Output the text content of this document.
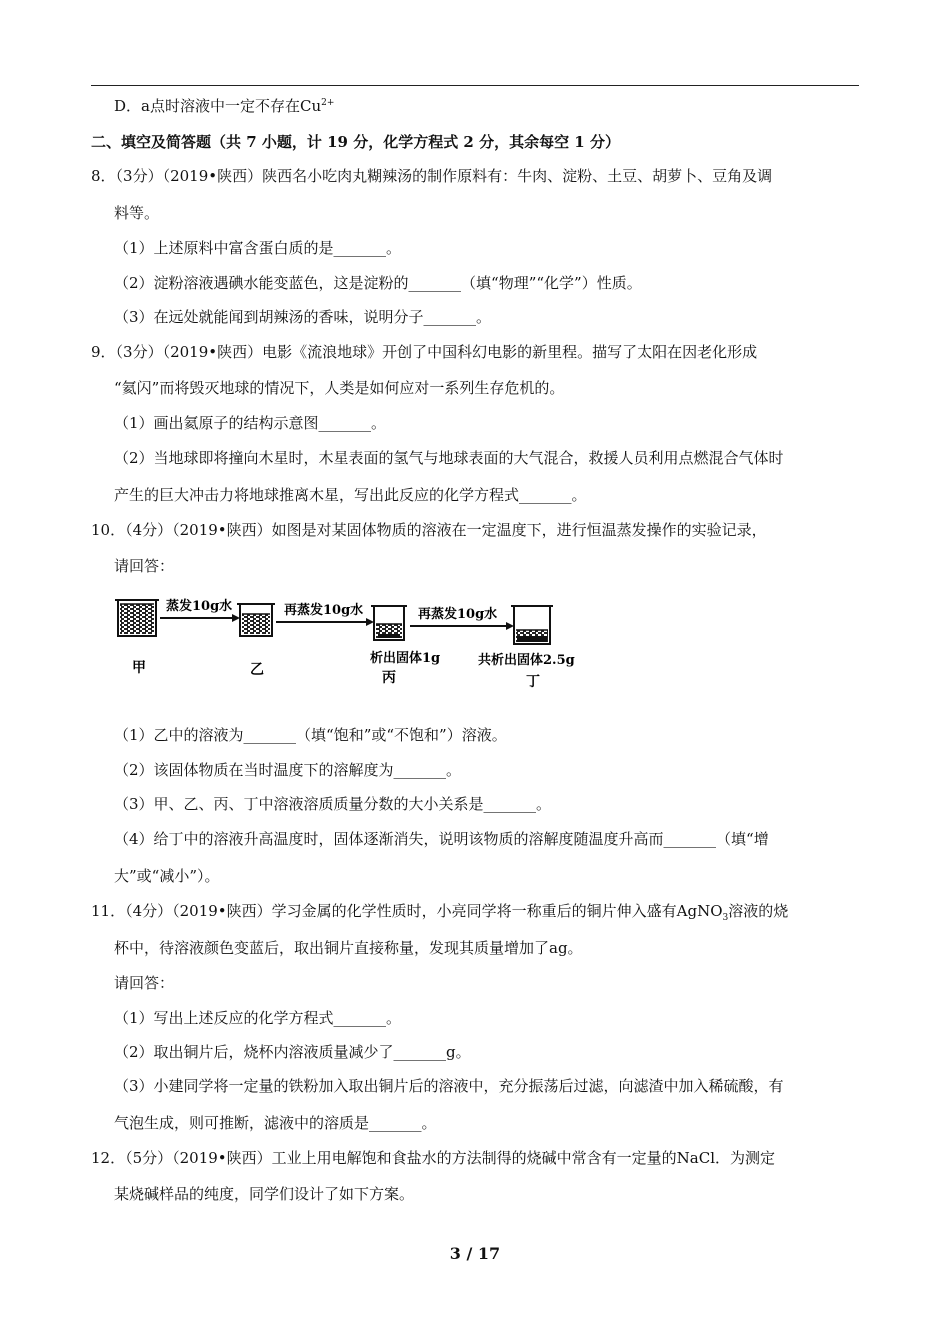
D．a点时溶液中一定不存在$Cu^{2+}$
二、填空及简答题（共 7 小题，计 19 分，化学方程式 2 分，其余每空 1 分）
8．（3分）（2019•陕西）陕西名小吃肉丸糊辣汤的制作原料有：牛肉、淀粉、土豆、胡萝卜、豆角及调
料等。
（1）上述原料中富含蛋白质的是_______。
（2）淀粉溶液遇碘水能变蓝色，这是淀粉的_______（填“物理”“化学”）性质。
（3）在远处就能闻到胡辣汤的香味，说明分子_______。
9．（3分）（2019•陕西）电影《流浪地球》开创了中国科幻电影的新里程。描写了太阳在因老化形成
“氦闪”而将毁灭地球的情况下，人类是如何应对一系列生存危机的。
（1）画出氦原子的结构示意图_______。
（2）当地球即将撞向木星时，木星表面的氢气与地球表面的大气混合，救援人员利用点燃混合气体时
产生的巨大冲击力将地球推离木星，写出此反应的化学方程式_______。
10．（4分）（2019•陕西）如图是对某固体物质的溶液在一定温度下，进行恒温蒸发操作的实验记录，
请回答：
甲
蒸发10g水
乙
再蒸发10g水
析出固体1g
丙
再蒸发10g水
共析出固体2.5g
丁
（1）乙中的溶液为_______（填“饱和”或“不饱和”）溶液。
（2）该固体物质在当时温度下的溶解度为_______。
（3）甲、乙、丙、丁中溶液溶质质量分数的大小关系是_______。
（4）给丁中的溶液升高温度时，固体逐渐消失，说明该物质的溶解度随温度升高而_______（填“增
大”或“减小”）。
11．（4分）（2019•陕西）学习金属的化学性质时，小亮同学将一称重后的铜片伸入盛有AgNO$_3$溶液的烧
杯中，待溶液颜色变蓝后，取出铜片直接称量，发现其质量增加了ag。
请回答：
（1）写出上述反应的化学方程式_______。
（2）取出铜片后，烧杯内溶液质量减少了_______g。
（3）小建同学将一定量的铁粉加入取出铜片后的溶液中，充分振荡后过滤，向滤渣中加入稀硫酸，有
气泡生成，则可推断，滤液中的溶质是_______。
12．（5分）（2019•陕西）工业上用电解饱和食盐水的方法制得的烧碱中常含有一定量的NaCl．为测定
某烧碱样品的纯度，同学们设计了如下方案。
3 / 17
